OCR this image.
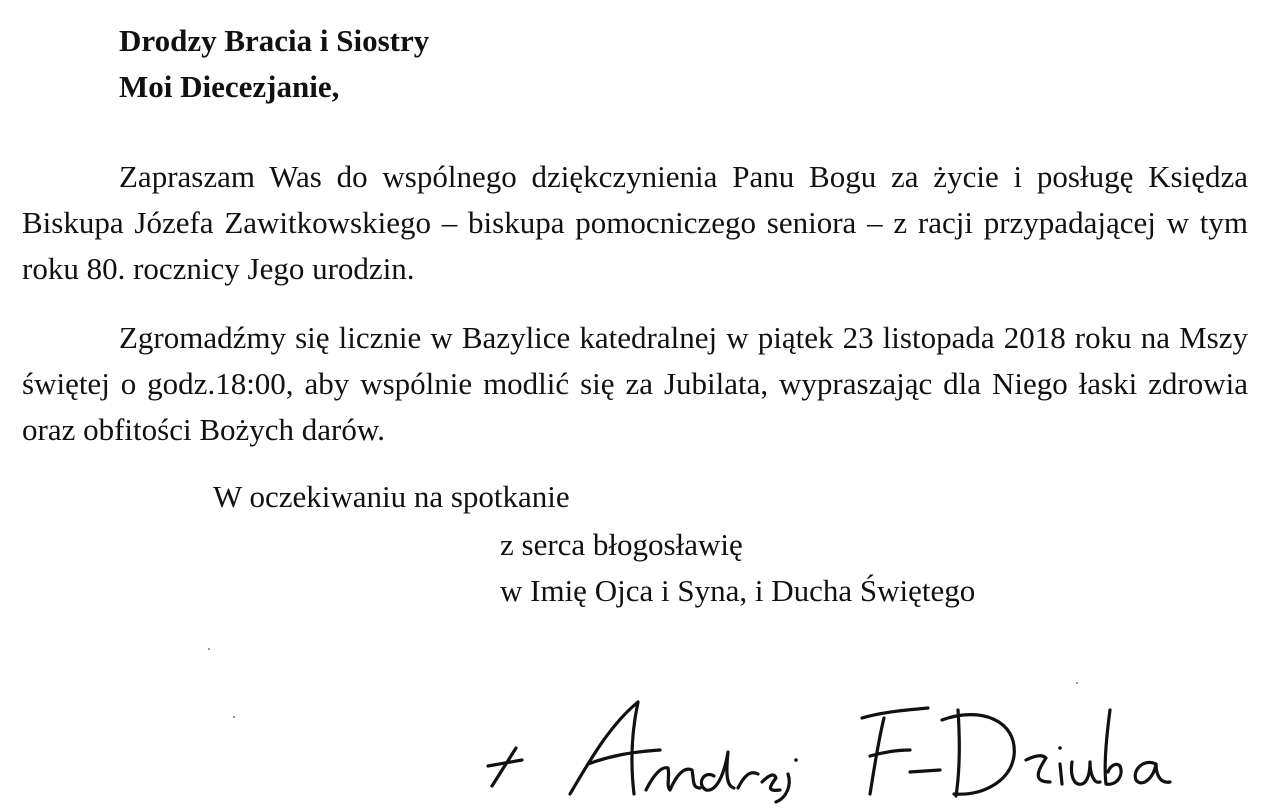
Drodzy Bracia i Siostry
Moi Diecezjanie,

Zapraszam Was do wspólnego dziękczynienia Panu Bogu za życie i posługę Księdza Biskupa Józefa Zawitkowskiego – biskupa pomocniczego seniora – z racji przypadającej w tym roku 80. rocznicy Jego urodzin.

Zgromadźmy się licznie w Bazylice katedralnej w piątek 23 listopada 2018 roku na Mszy świętej o godz.18:00, aby wspólnie modlić się za Jubilata, wypraszając dla Niego łaski zdrowia oraz obfitości Bożych darów.

W oczekiwaniu na spotkanie
z serca błogosławię
w Imię Ojca i Syna, i Ducha Świętego
